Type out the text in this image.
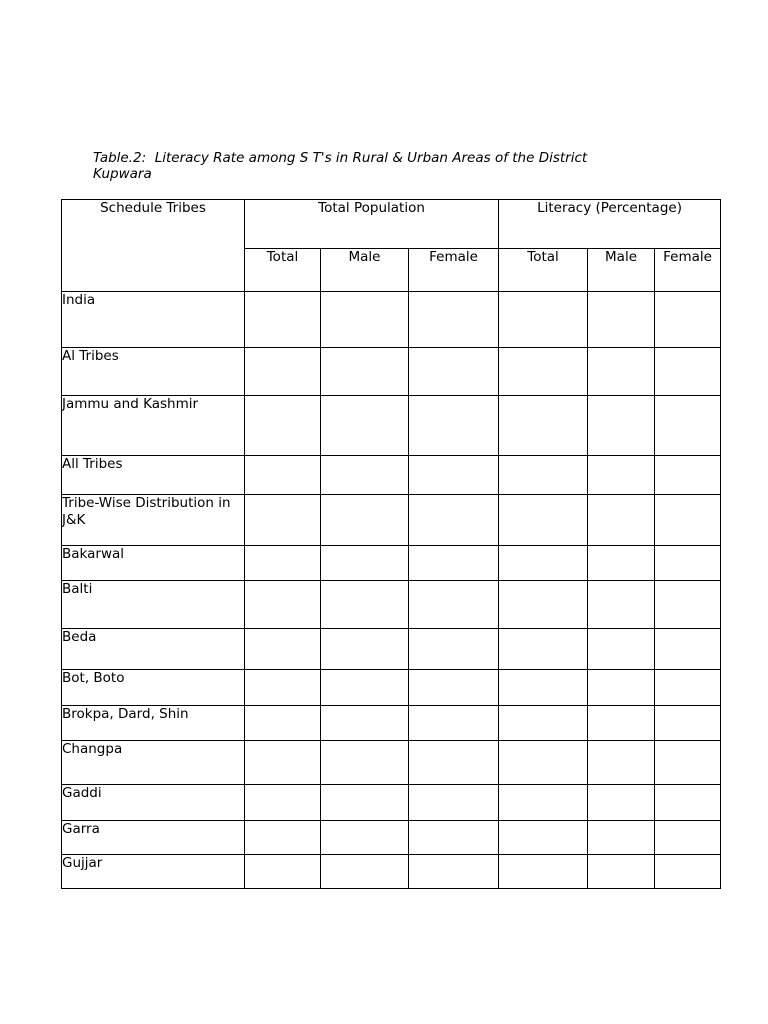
Table.2:  Literacy Rate among S T's in Rural & Urban Areas of the District
Kupwara
Schedule Tribes	Total Population			Literacy (Percentage)		
	Total	Male	Female	Total	Male	Female
India						
Al Tribes						
Jammu and Kashmir						
All Tribes						
Tribe-Wise Distribution in J&K						
Bakarwal						
Balti						
Beda						
Bot, Boto						
Brokpa, Dard, Shin						
Changpa						
Gaddi						
Garra						
Gujjar						
